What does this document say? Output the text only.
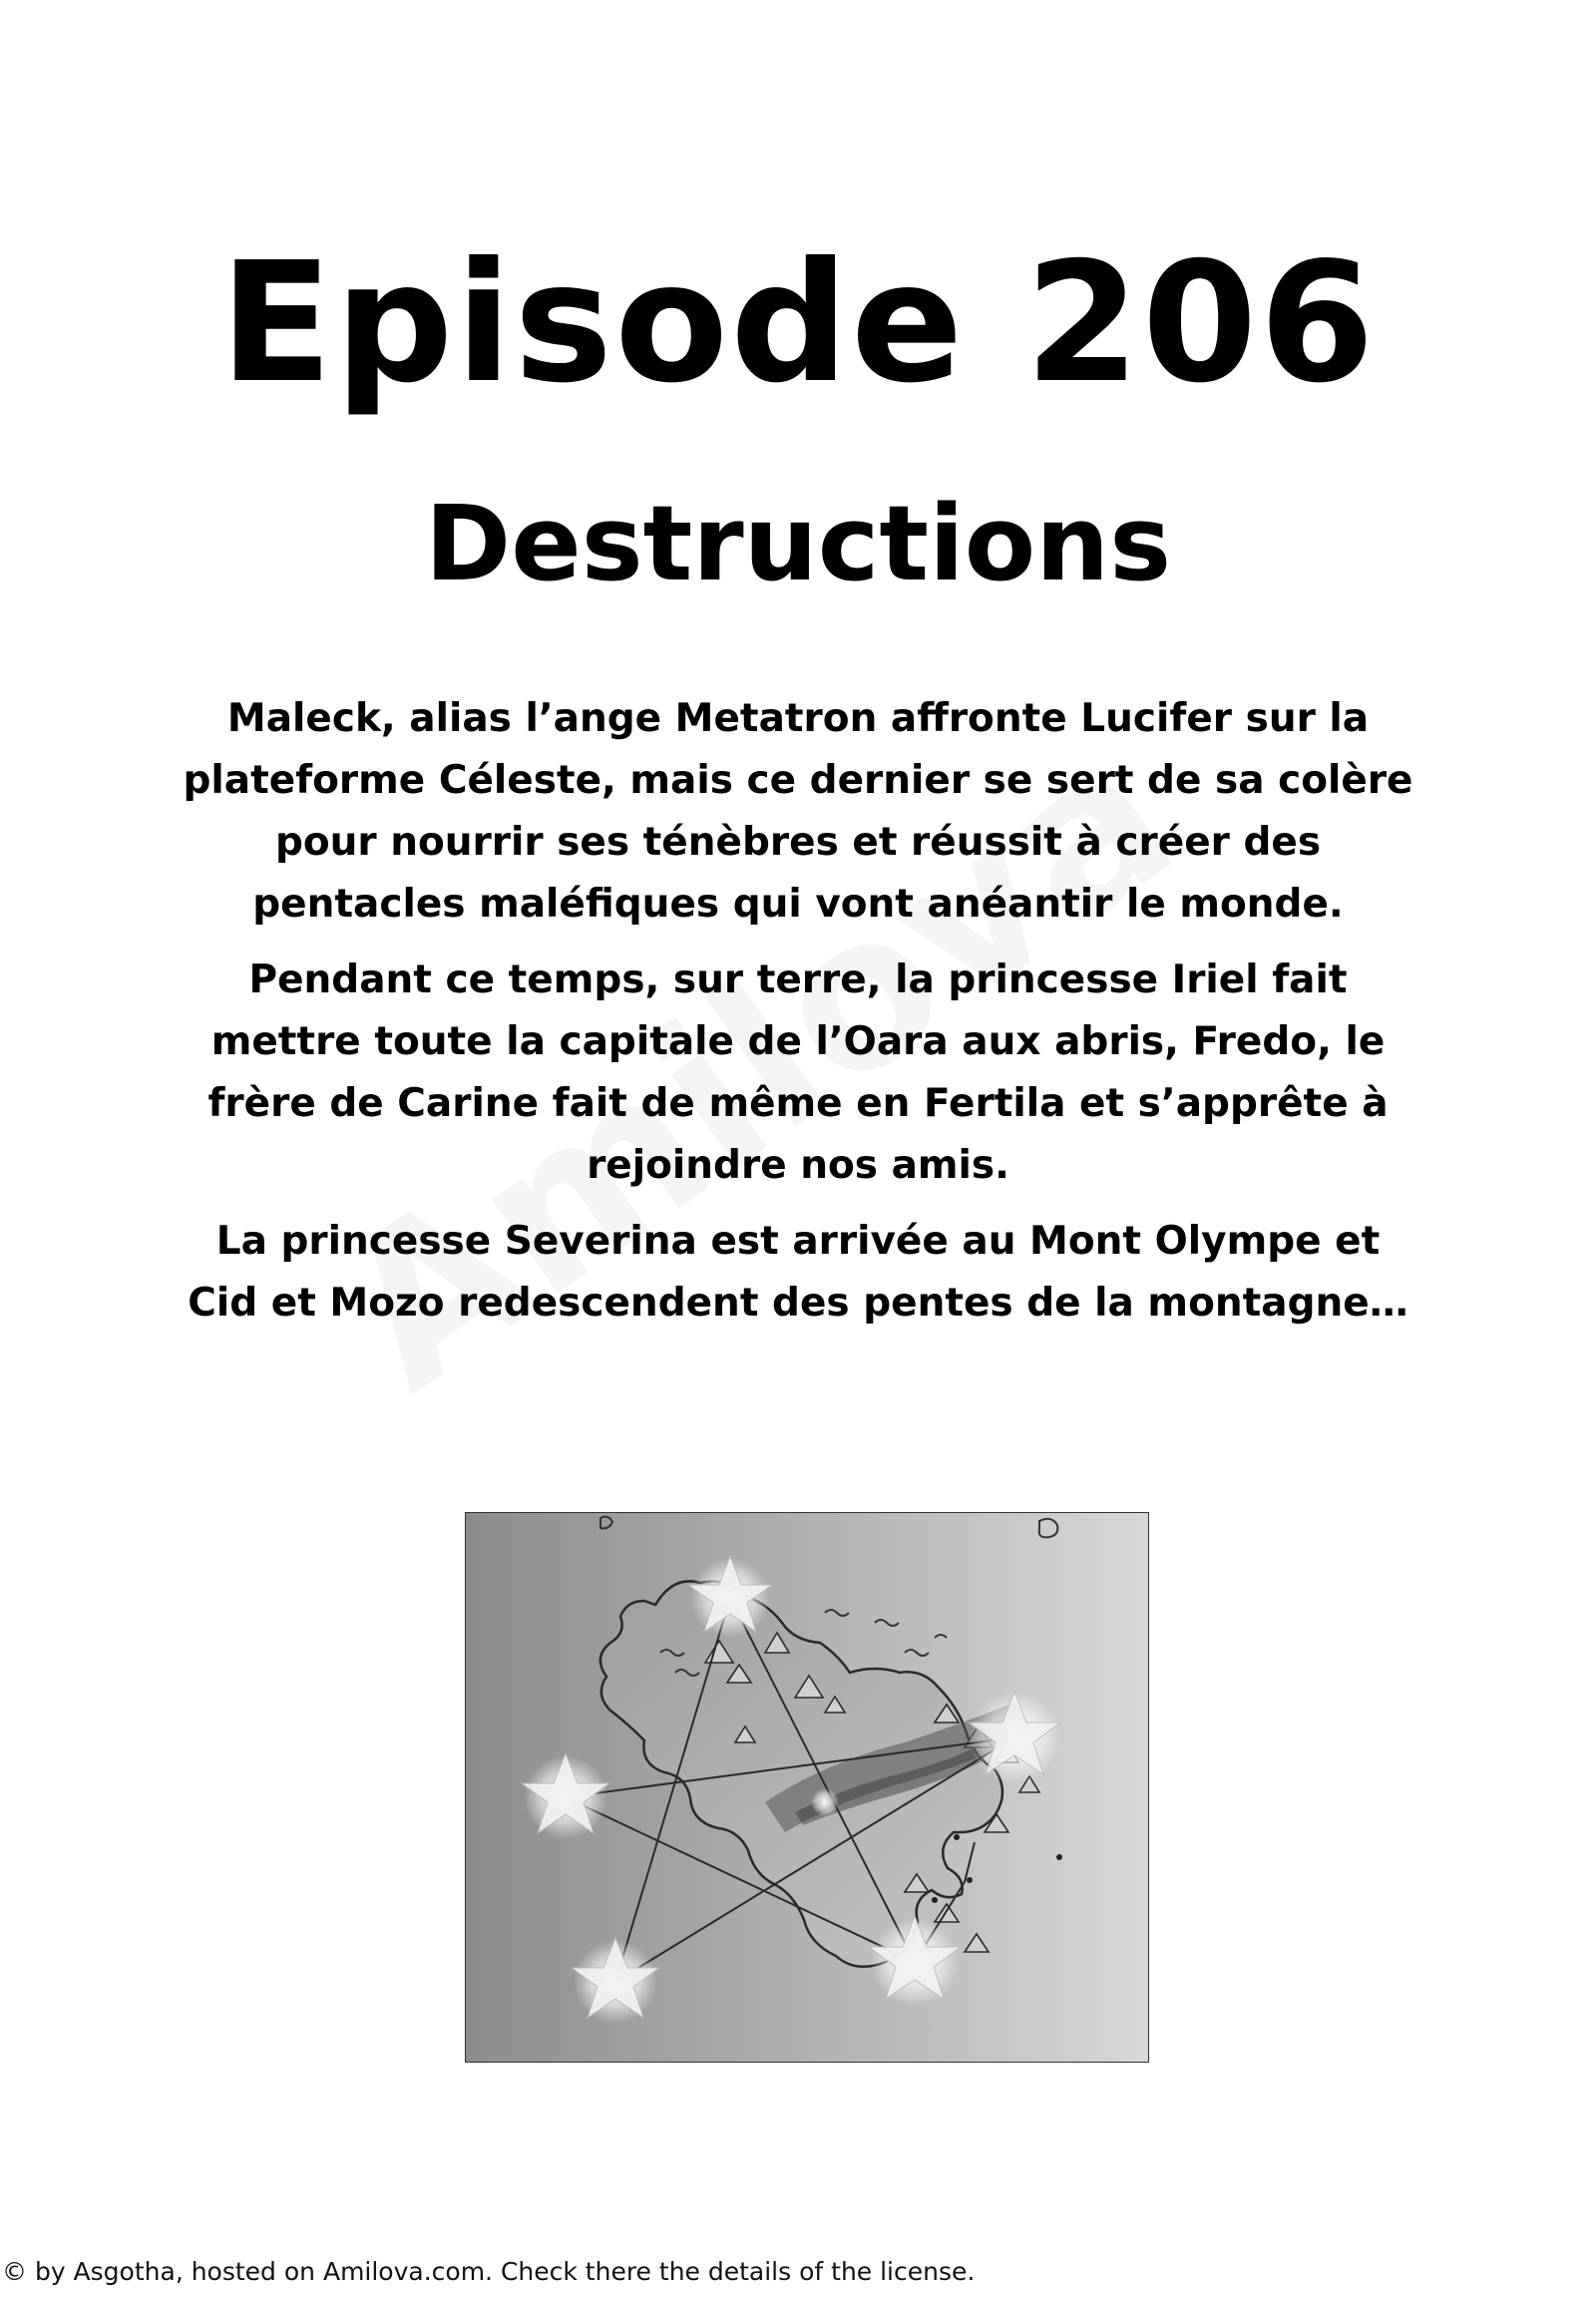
Episode 206
Destructions

Maleck, alias l’ange Metatron affronte Lucifer sur la plateforme Céleste, mais ce dernier se sert de sa colère pour nourrir ses ténèbres et réussit à créer des pentacles maléfiques qui vont anéantir le monde.

Pendant ce temps, sur terre, la princesse Iriel fait mettre toute la capitale de l’Oara aux abris, Fredo, le frère de Carine fait de même en Fertila et s’apprête à rejoindre nos amis.

La princesse Severina est arrivée au Mont Olympe et Cid et Mozo redescendent des pentes de la montagne…

© by Asgotha, hosted on Amilova.com. Check there the details of the license.
